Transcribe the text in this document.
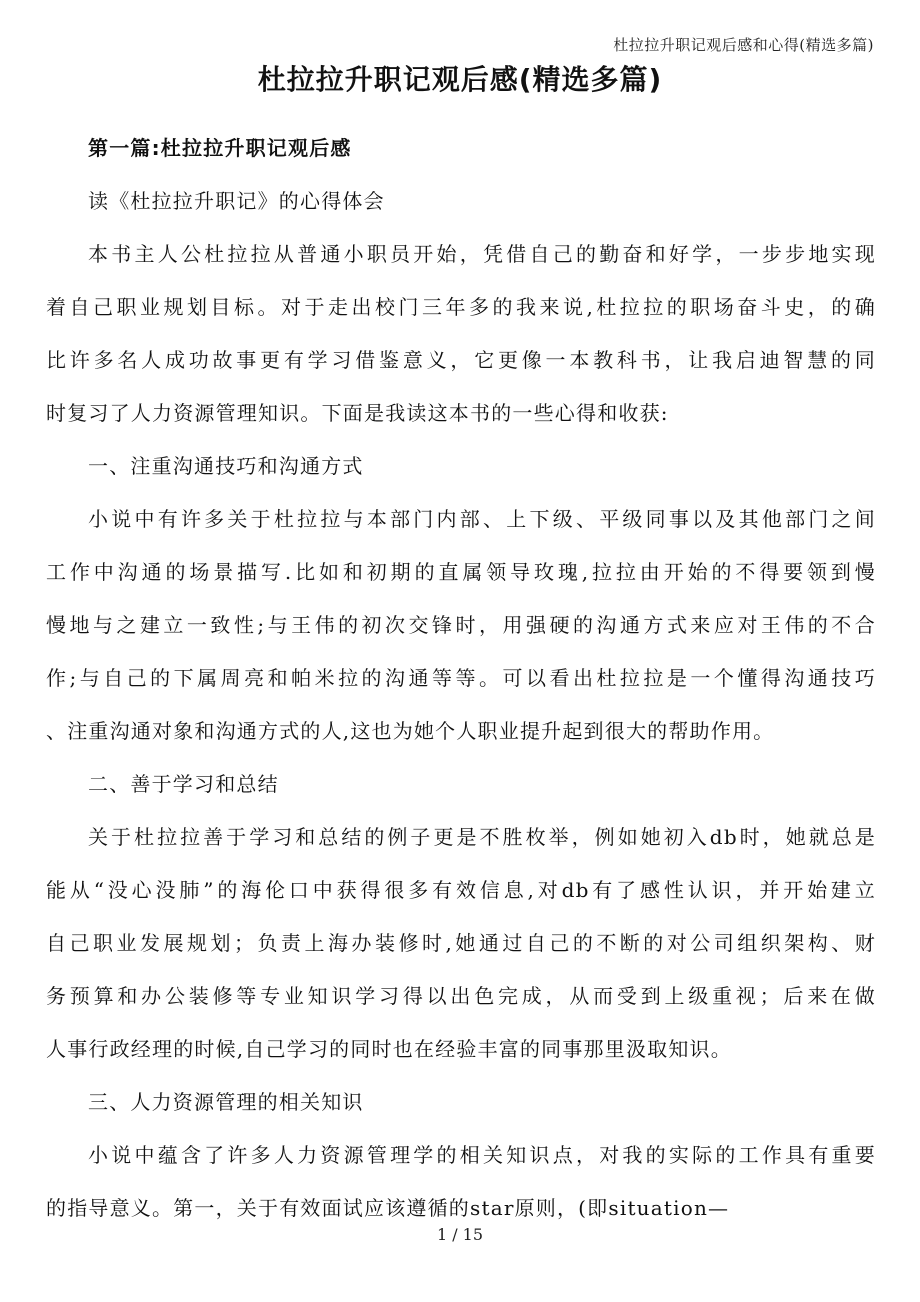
杜拉拉升职记观后感和心得(精选多篇)
杜拉拉升职记观后感(精选多篇)
第一篇:杜拉拉升职记观后感
读《杜拉拉升职记》的心得体会
本书主人公杜拉拉从普通小职员开始，凭借自己的勤奋和好学，一步步地实现
着自己职业规划目标。对于走出校门三年多的我来说,杜拉拉的职场奋斗史，的确
比许多名人成功故事更有学习借鉴意义，它更像一本教科书，让我启迪智慧的同
时复习了人力资源管理知识。下面是我读这本书的一些心得和收获:
一、注重沟通技巧和沟通方式
小说中有许多关于杜拉拉与本部门内部、上下级、平级同事以及其他部门之间
工作中沟通的场景描写.比如和初期的直属领导玫瑰,拉拉由开始的不得要领到慢
慢地与之建立一致性;与王伟的初次交锋时，用强硬的沟通方式来应对王伟的不合
作;与自己的下属周亮和帕米拉的沟通等等。可以看出杜拉拉是一个懂得沟通技巧
、注重沟通对象和沟通方式的人,这也为她个人职业提升起到很大的帮助作用。
二、善于学习和总结
关于杜拉拉善于学习和总结的例子更是不胜枚举，例如她初入db时，她就总是
能从“没心没肺”的海伦口中获得很多有效信息,对db有了感性认识，并开始建立
自己职业发展规划；负责上海办装修时,她通过自己的不断的对公司组织架构、财
务预算和办公装修等专业知识学习得以出色完成，从而受到上级重视；后来在做
人事行政经理的时候,自己学习的同时也在经验丰富的同事那里汲取知识。
三、人力资源管理的相关知识
小说中蕴含了许多人力资源管理学的相关知识点，对我的实际的工作具有重要
的指导意义。第一，关于有效面试应该遵循的star原则，(即situation—
1 / 15
